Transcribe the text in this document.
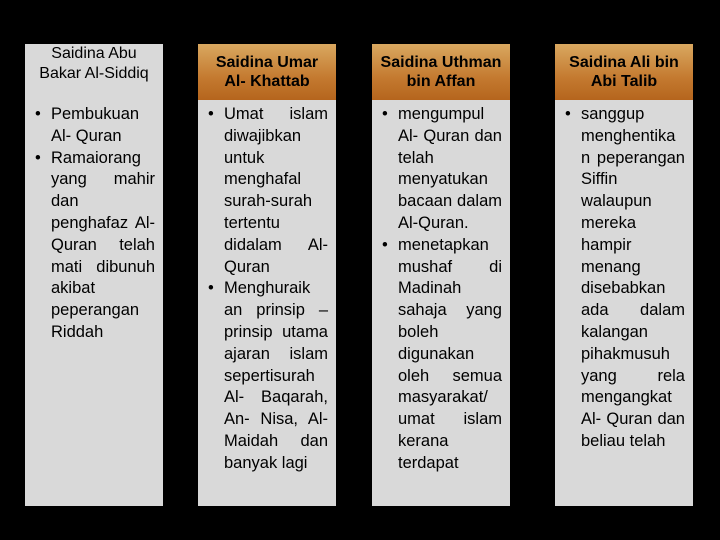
Saidina Abu Bakar Al-Siddiq
• Pembukuan Al- Quran
• Ramaiorang yang mahir dan penghafaz Al- Quran telah mati dibunuh akibat peperangan Riddah
Saidina Umar Al- Khattab
• Umat islam diwajibkan untuk menghafal surah-surah tertentu didalam Al-Quran
• Menghuraik an prinsip – prinsip utama ajaran islam sepertisurah Al- Baqarah, An- Nisa, Al-Maidah dan banyak lagi
Saidina Uthman bin Affan
• mengumpul Al- Quran dan telah menyatukan bacaan dalam Al-Quran.
• menetapkan mushaf di Madinah sahaja yang boleh digunakan oleh semua masyarakat/ umat islam kerana terdapat
Saidina Ali bin Abi Talib
• sanggup menghentika n peperangan Siffin walaupun mereka hampir menang disebabkan ada dalam kalangan pihakmusuh yang rela mengangkat Al- Quran dan beliau telah
